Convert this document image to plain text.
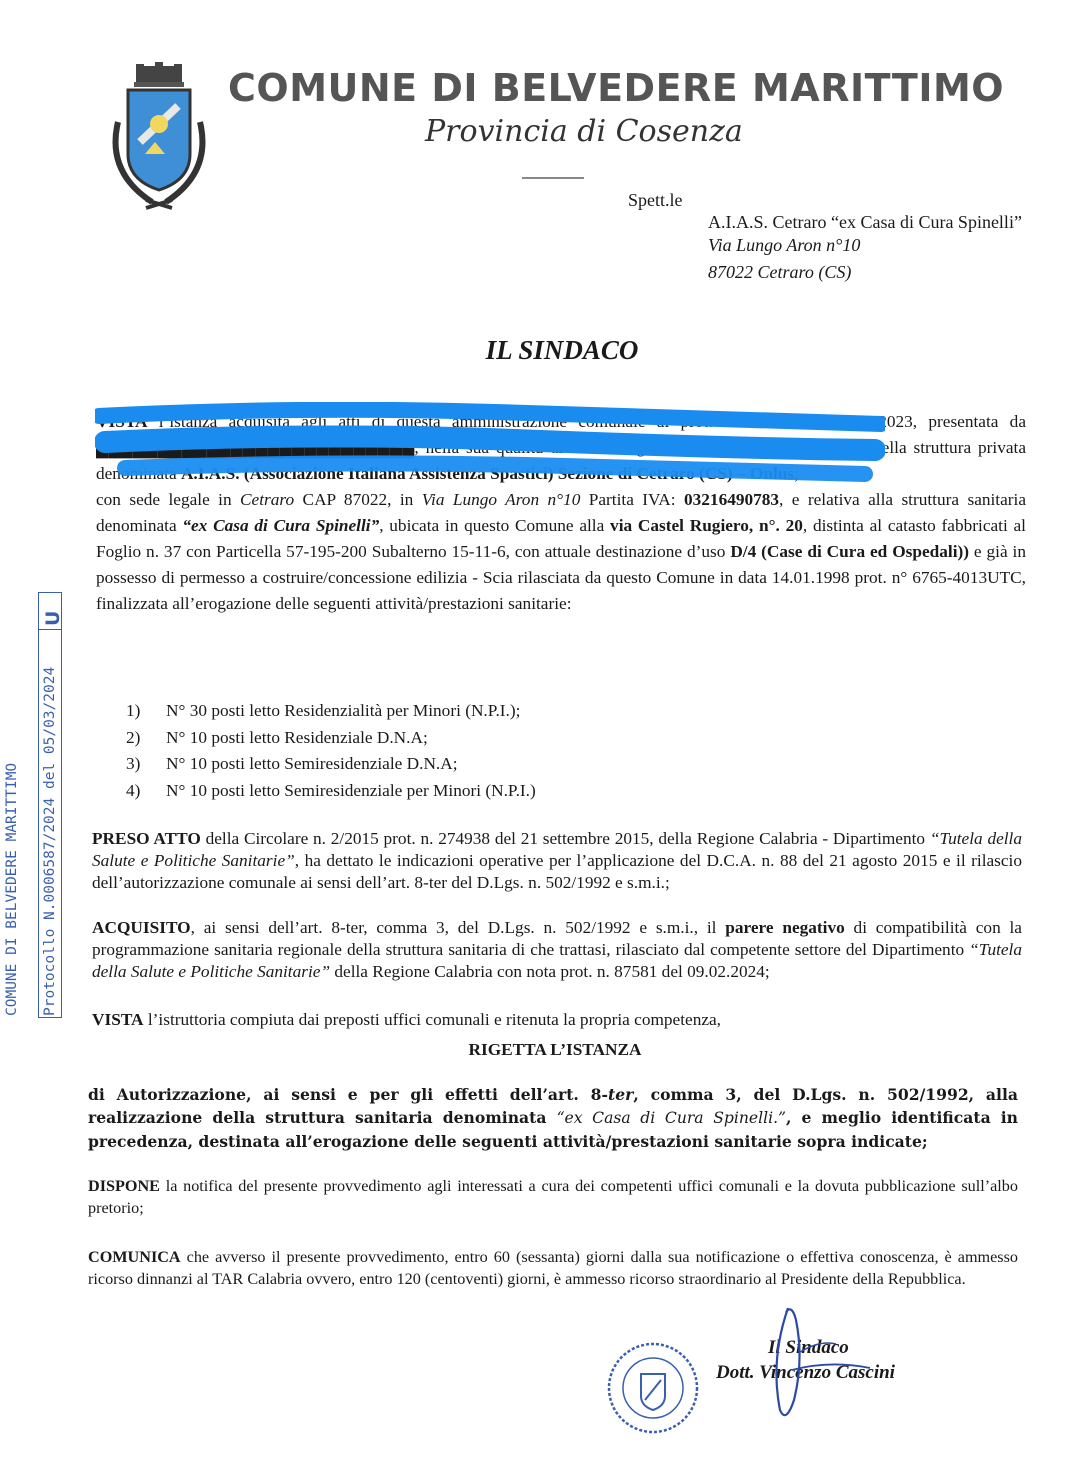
COMUNE DI BELVEDERE MARITTIMO
Provincia di Cosenza
Spett.le
A.I.A.S. Cetraro “ex Casa di Cura Spinelli”
Via Lungo Aron n°10
87022 Cetraro (CS)
IL SINDACO
VISTA l’istanza acquisita agli atti di questa amministrazione comunale al prot. n. 27245 del 22.09.2023, presentata da ██████████████████████████, nella sua qualità di titolare/legale rappresentante pro tempore della struttura privata denominata A.I.A.S. (Associazione Italiana Assistenza Spastici) Sezione di Cetraro (CS) – Onlus;
con sede legale in Cetraro CAP 87022, in Via Lungo Aron n°10 Partita IVA: 03216490783, e relativa alla struttura sanitaria denominata “ex Casa di Cura Spinelli”, ubicata in questo Comune alla via Castel Rugiero, n°. 20, distinta al catasto fabbricati al Foglio n. 37 con Particella 57-195-200 Subalterno 15-11-6, con attuale destinazione d’uso D/4 (Case di Cura ed Ospedali)) e già in possesso di permesso a costruire/concessione edilizia - Scia rilasciata da questo Comune in data 14.01.1998 prot. n° 6765-4013UTC, finalizzata all’erogazione delle seguenti attività/prestazioni sanitarie:
1) N° 30 posti letto Residenzialità per Minori (N.P.I.);
2) N° 10 posti letto Residenziale D.N.A;
3) N° 10 posti letto Semiresidenziale D.N.A;
4) N° 10 posti letto Semiresidenziale per Minori (N.P.I.)
PRESO ATTO della Circolare n. 2/2015 prot. n. 274938 del 21 settembre 2015, della Regione Calabria - Dipartimento “Tutela della Salute e Politiche Sanitarie”, ha dettato le indicazioni operative per l’applicazione del D.C.A. n. 88 del 21 agosto 2015 e il rilascio dell’autorizzazione comunale ai sensi dell’art. 8-ter del D.Lgs. n. 502/1992 e s.m.i.;
ACQUISITO, ai sensi dell’art. 8-ter, comma 3, del D.Lgs. n. 502/1992 e s.m.i., il parere negativo di compatibilità con la programmazione sanitaria regionale della struttura sanitaria di che trattasi, rilasciato dal competente settore del Dipartimento “Tutela della Salute e Politiche Sanitarie” della Regione Calabria con nota prot. n. 87581 del 09.02.2024;
VISTA l’istruttoria compiuta dai preposti uffici comunali e ritenuta la propria competenza,
RIGETTA L’ISTANZA
di Autorizzazione, ai sensi e per gli effetti dell’art. 8-ter, comma 3, del D.Lgs. n. 502/1992, alla realizzazione della struttura sanitaria denominata “ex Casa di Cura Spinelli.”, e meglio identificata in precedenza, destinata all’erogazione delle seguenti attività/prestazioni sanitarie sopra indicate;
DISPONE la notifica del presente provvedimento agli interessati a cura dei competenti uffici comunali e la dovuta pubblicazione sull’albo pretorio;
COMUNICA che avverso il presente provvedimento, entro 60 (sessanta) giorni dalla sua notificazione o effettiva conoscenza, è ammesso ricorso dinnanzi al TAR Calabria ovvero, entro 120 (centoventi) giorni, è ammesso ricorso straordinario al Presidente della Repubblica.
U
Protocollo N.0006587/2024 del 05/03/2024
COMUNE DI BELVEDERE MARITTIMO
Il Sindaco
Dott. Vincenzo Cascini
